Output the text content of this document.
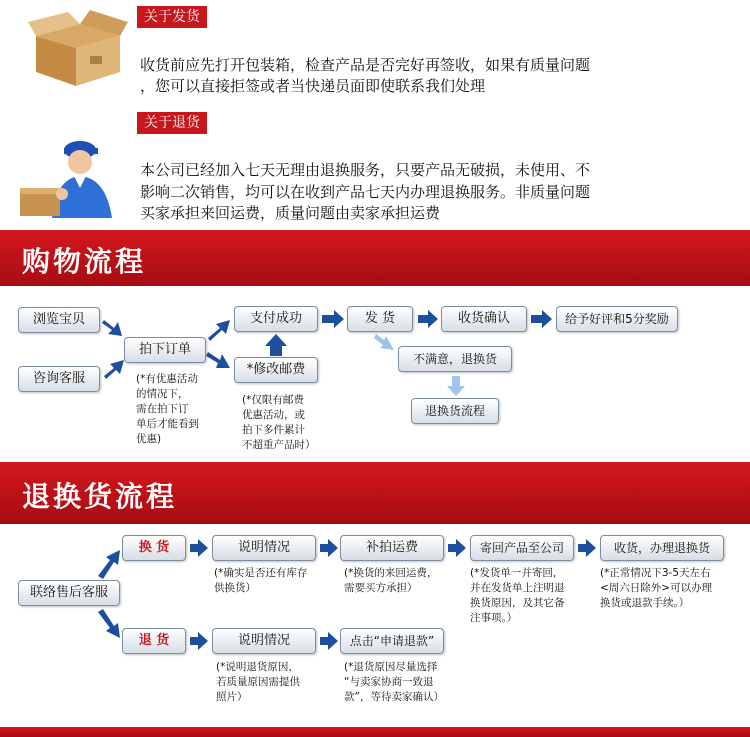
关于发货
收货前应先打开包装箱，检查产品是否完好再签收，如果有质量问题
，您可以直接拒签或者当快递员面即使联系我们处理
关于退货
本公司已经加入七天无理由退换服务，只要产品无破损，未使用、不
影响二次销售，均可以在收到产品七天内办理退换服务。非质量问题
买家承担来回运费，质量问题由卖家承担运费
购物流程
浏览宝贝
咨询客服
拍下订单
支付成功
*修改邮费
发 货	收货确认	给予好评和5分奖励
不满意，退换货
退换货流程
(*有优惠活动
的情况下，
需在拍下订
单后才能看到
优惠)
(*仅限有邮费
优惠活动，或
拍下多件累计
不超重产品时）
退换货流程
联络售后客服
换 货
退 货
说明情况	补拍运费	寄回产品至公司	收货，办理退换货
说明情况	点击“申请退款”
(*确实是否还有库存
供换货）
(*换货的来回运费，
需要买方承担）
(*发货单一并寄回，
并在发货单上注明退
换货原因，及其它备
注事项。）
(*正常情况下3-5天左右
<周六日除外>可以办理
换货或退款手续。）
(*说明退货原因，
若质量原因需提供
照片）
(*退货原因尽量选择
“与卖家协商一致退
款”，等待卖家确认）
